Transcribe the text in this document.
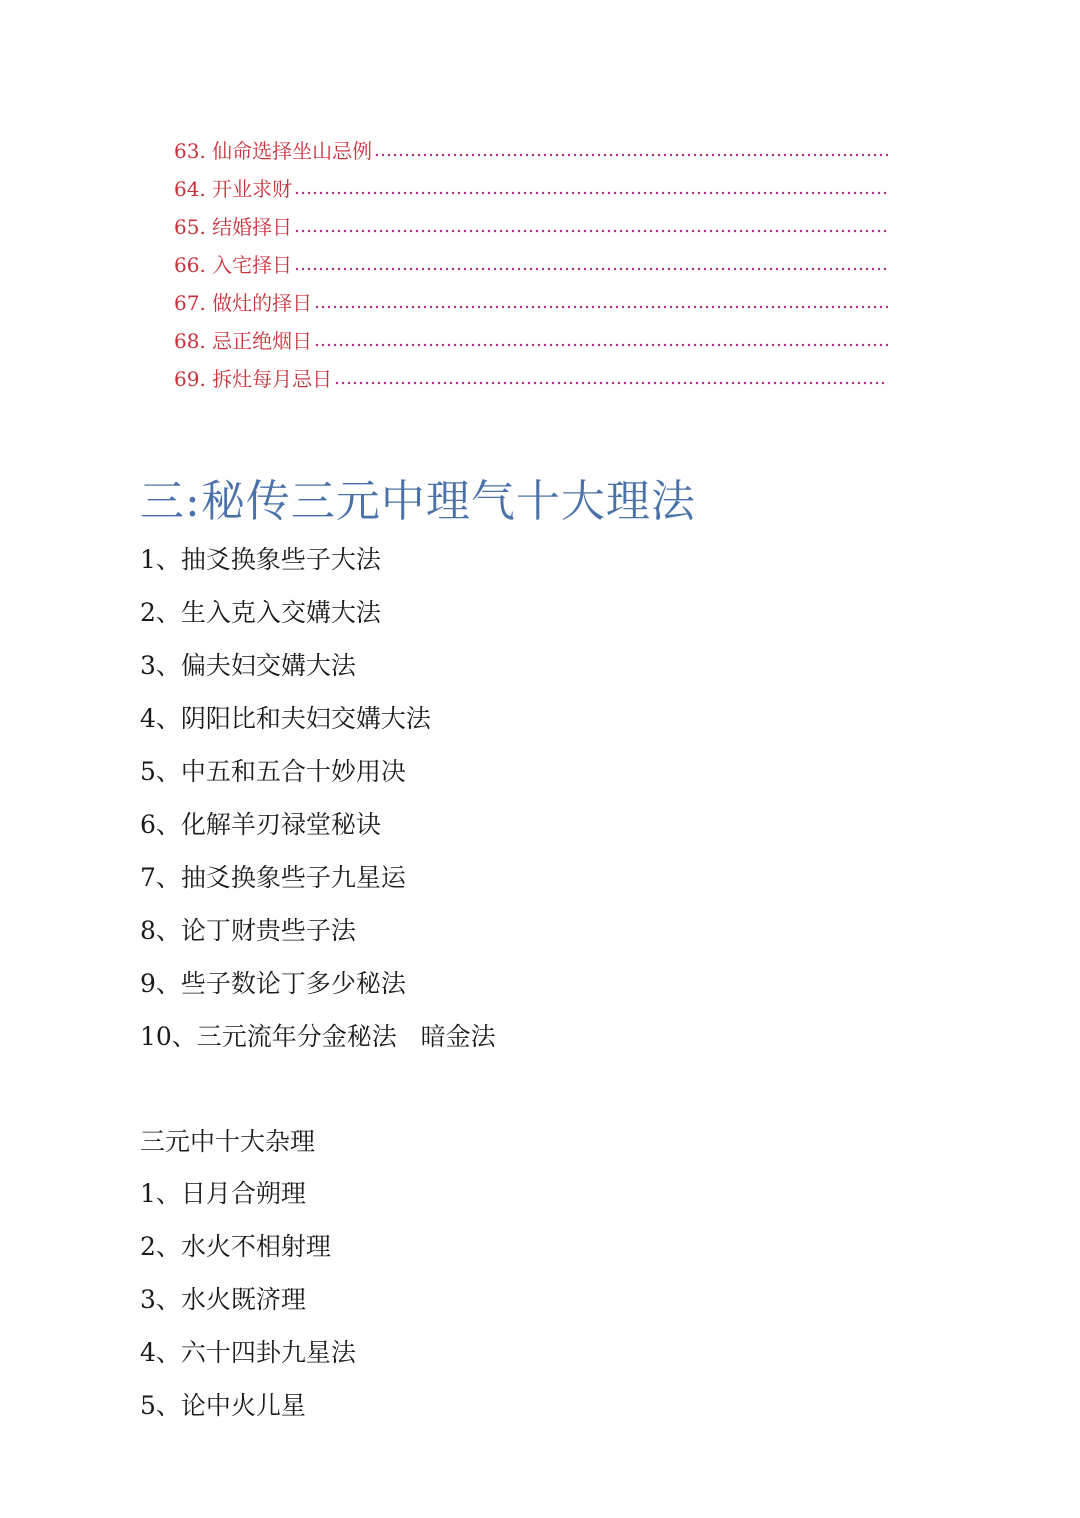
63. 仙命选择坐山忌例
64. 开业求财
65. 结婚择日
66. 入宅择日
67. 做灶的择日
68. 忌正绝烟日
69. 拆灶每月忌日
三:秘传三元中理气十大理法
1、抽爻换象些子大法
2、生入克入交媾大法
3、偏夫妇交媾大法
4、阴阳比和夫妇交媾大法
5、中五和五合十妙用决
6、化解羊刃禄堂秘诀
7、抽爻换象些子九星运
8、论丁财贵些子法
9、些子数论丁多少秘法
10、三元流年分金秘法   暗金法
三元中十大杂理
1、日月合朔理
2、水火不相射理
3、水火既济理
4、六十四卦九星法
5、论中火儿星
